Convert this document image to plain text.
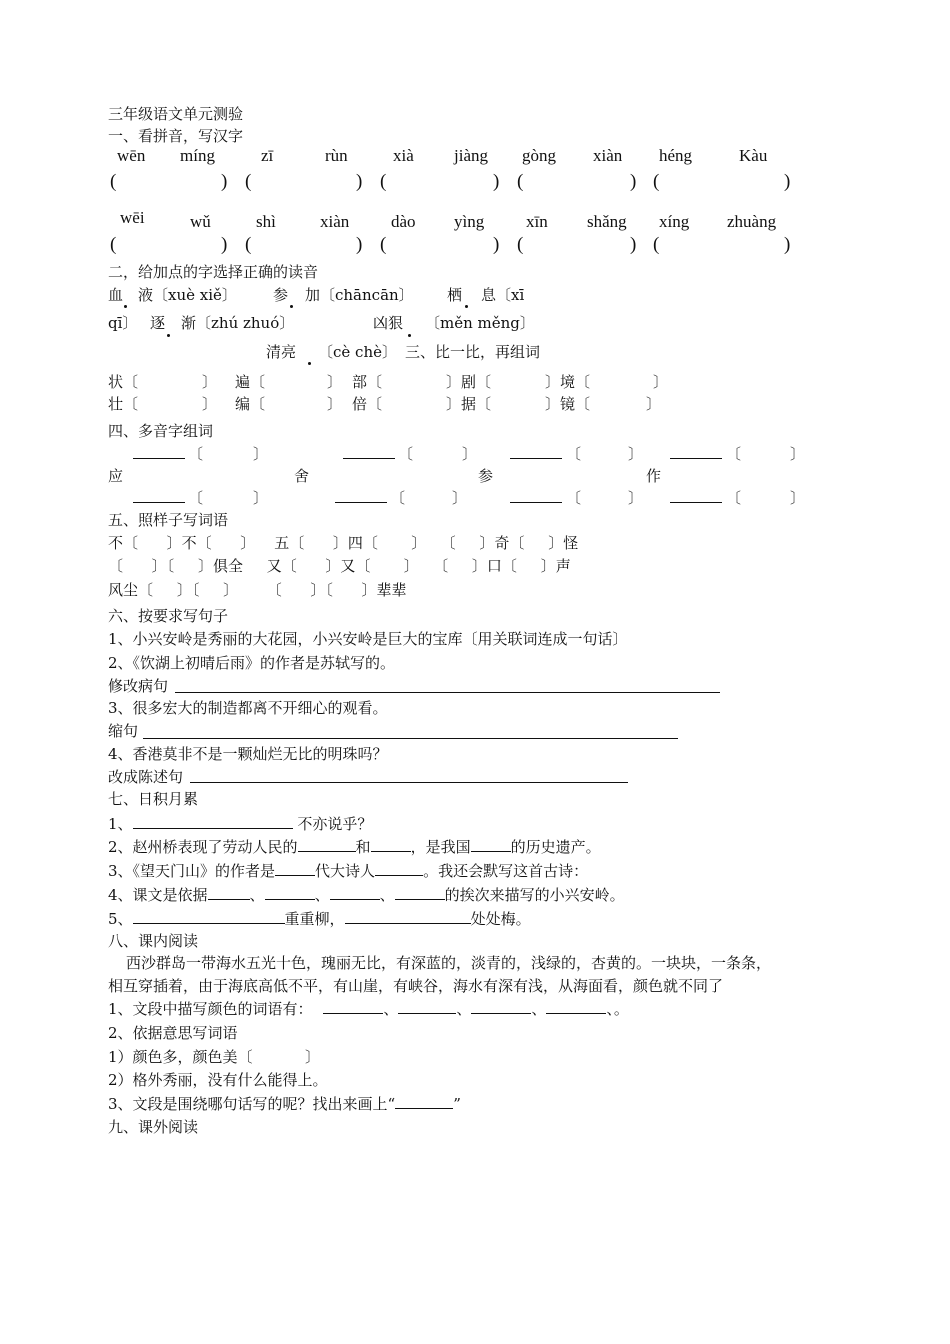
三年级语文单元测验
一、看拼音，写汉字
wēn míng	zī	rùn	xià jiàng gòng xiàn héng	Kàu
(	) (	) (	) (	) (	)
wēi	wǔ	shì	xiàn dào yìng xīn shǎng xíng zhuàng
(	) (	) (	) (	) (	)
二，给加点的字选择正确的读音
血 液〔xuè xiě〕 参 加〔chāncān〕 栖 息〔xī
qī〕 逐 渐〔zhú zhuó〕	凶狠 〔měn měng〕
清亮 〔cè chè〕 三、比一比，再组词
状〔	〕 遍〔	〕 部〔	〕剧〔	〕境〔	〕
壮〔	〕 编〔	〕 倍〔	〕据〔	〕镜〔	〕
四、多音字组词
〔	〕	〔	〕	〔	〕	〔	〕
应	舍	参	作
〔	〕	〔	〕	〔	〕	〔	〕
五、照样子写词语
不〔      〕不〔      〕    五〔      〕四〔       〕   〔     〕奇〔     〕怪
〔      〕〔     〕俱全     又〔      〕又〔       〕   〔     〕口〔     〕声
风尘〔     〕〔     〕      〔      〕〔      〕辈辈
六、按要求写句子
1、小兴安岭是秀丽的大花园，小兴安岭是巨大的宝库〔用关联词连成一句话〕
2、《饮湖上初晴后雨》的作者是苏轼写的。
修改病句
3、很多宏大的制造都离不开细心的观看。
缩句
4、香港莫非不是一颗灿烂无比的明珠吗？
改成陈述句
七、日积月累
1、	不亦说乎？
2、赵州桥表现了劳动人民的	和	，是我国	的历史遗产。
3、《望天门山》的作者是	代大诗人	。我还会默写这首古诗：
4、课文是依据	、	、	、	的挨次来描写的小兴安岭。
5、	重重柳，	处处梅。
八、课内阅读
西沙群岛一带海水五光十色，瑰丽无比，有深蓝的，淡青的，浅绿的，杏黄的。一块块，一条条，
相互穿插着，由于海底高低不平，有山崖，有峡谷，海水有深有浅，从海面看，颜色就不同了
1、文段中描写颜色的词语有：	、	、	、	、。
2、依据意思写词语
1）颜色多，颜色美〔           〕
2）格外秀丽，没有什么能得上。
3、文段是围绕哪句话写的呢？找出来画上“	”
九、课外阅读
